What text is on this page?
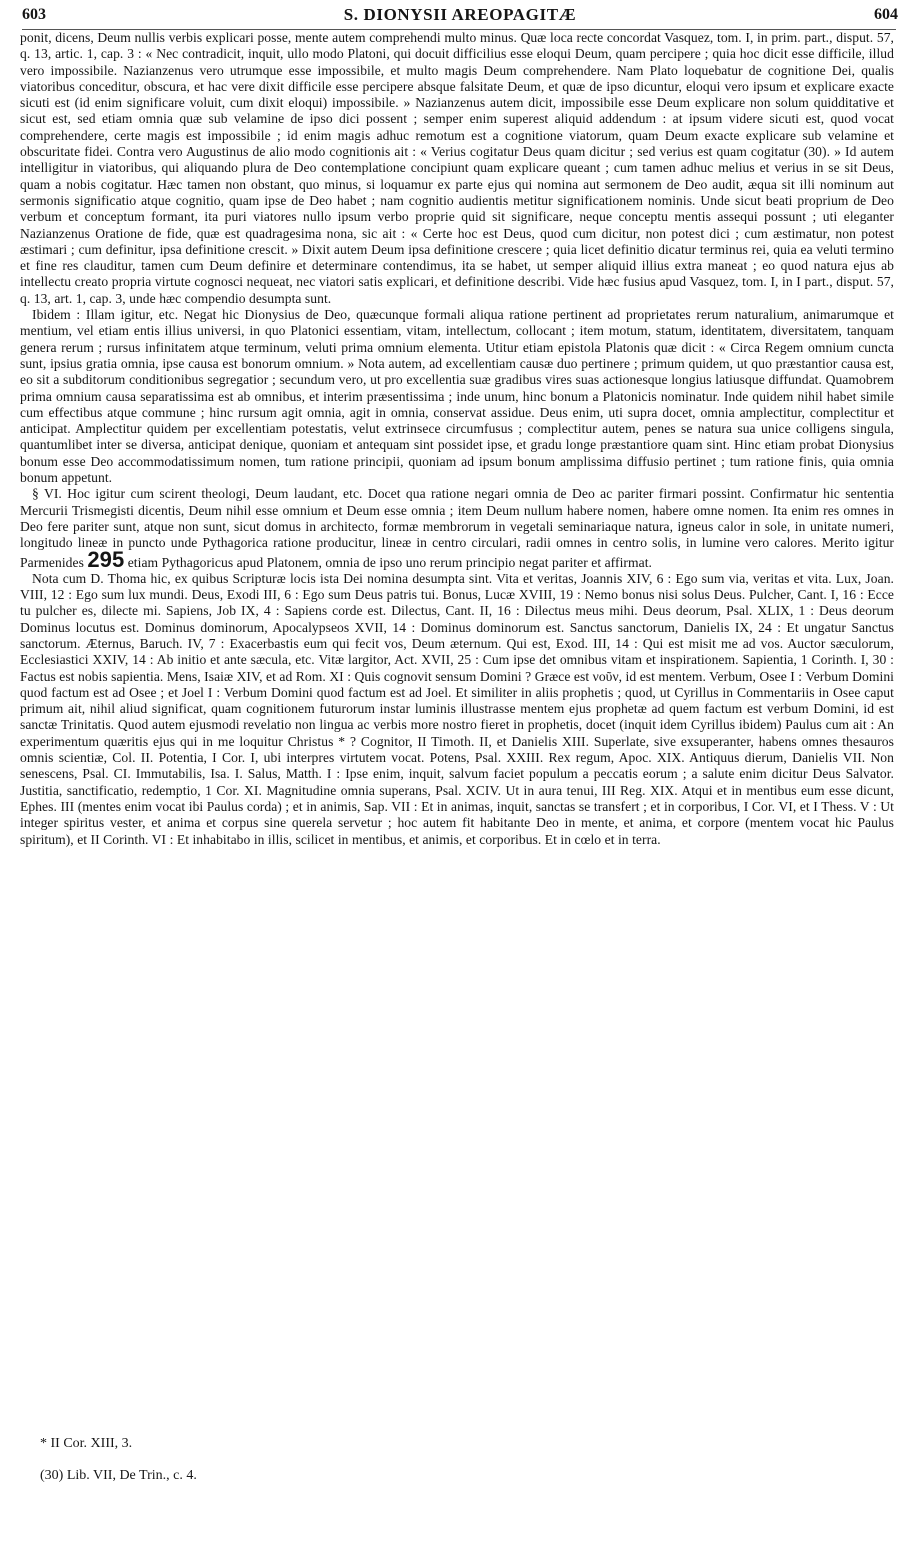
603	S. DIONYSII AREOPAGITÆ	604

ponit, dicens, Deum nullis verbis explicari posse, mente autem comprehendi multo minus. Quæ loca recte concordat Vasquez, tom. I, in prim. part., disput. 57, q. 13, artic. 1, cap. 3 : « Nec contradicit, inquit, ullo modo Platoni, qui docuit difficilius esse eloqui Deum, quam percipere ; quia hoc dicit esse difficile, illud vero impossibile. Nazianzenus vero utrumque esse impossibile, et multo magis Deum comprehendere. Nam Plato loquebatur de cognitione Dei, qualis viatoribus conceditur, obscura, et hac vere dixit difficile esse percipere absque falsitate Deum, et quæ de ipso dicuntur, eloqui vero ipsum et explicare exacte sicuti est (id enim significare voluit, cum dixit eloqui) impossibile. » Nazianzenus autem dicit, impossibile esse Deum explicare non solum quidditative et sicut est, sed etiam omnia quæ sub velamine de ipso dici possent ; semper enim superest aliquid addendum : at ipsum videre sicuti est, quod vocat comprehendere, certe magis est impossibile ; id enim magis adhuc remotum est a cognitione viatorum, quam Deum exacte explicare sub velamine et obscuritate fidei. Contra vero Augustinus de alio modo cognitionis ait : « Verius cogitatur Deus quam dicitur ; sed verius est quam cogitatur (30). » Id autem intelligitur in viatoribus, qui aliquando plura de Deo contemplatione concipiunt quam explicare queant ; cum tamen adhuc melius et verius in se sit Deus, quam a nobis cogitatur. Hæc tamen non obstant, quo minus, si loquamur ex parte ejus qui nomina aut sermonem de Deo audit, æqua sit illi nominum aut sermonis significatio atque cognitio, quam ipse de Deo habet ; nam cognitio audientis metitur significationem nominis. Unde sicut beati proprium de Deo verbum et conceptum formant, ita puri viatores nullo ipsum verbo proprie quid sit significare, neque conceptu mentis assequi possunt ; uti eleganter Nazianzenus Oratione de fide, quæ est quadragesima nona, sic ait : « Certe hoc est Deus, quod cum dicitur, non potest dici ; cum æstimatur, non potest æstimari ; cum definitur, ipsa definitione crescit. » Dixit autem Deum ipsa definitione crescere ; quia licet definitio dicatur terminus rei, quia ea veluti termino et fine res clauditur, tamen cum Deum definire et determinare contendimus, ita se habet, ut semper aliquid illius extra maneat ; eo quod natura ejus ab intellectu creato propria virtute cognosci nequeat, nec viatori satis explicari, et definitione describi. Vide hæc fusius apud Vasquez, tom. I, in I part., disput. 57, q. 13, art. 1, cap. 3, unde hæc compendio desumpta sunt.

Ibidem : Illam igitur, etc. Negat hic Dionysius de Deo, quæcunque formali aliqua ratione pertinent ad proprietates rerum naturalium, animarumque et mentium, vel etiam entis illius universi, in quo Platonici essentiam, vitam, intellectum, collocant ; item motum, statum, identitatem, diversitatem, tanquam genera rerum ; rursus infinitatem atque terminum, veluti prima omnium elementa. Utitur etiam epistola Platonis quæ dicit : « Circa Regem omnium cuncta sunt, ipsius gratia omnia, ipse causa est bonorum omnium. » Nota autem, ad excellentiam causæ duo pertinere ; primum quidem, ut quo præstantior causa est, eo sit a subditorum conditionibus segregatior ; secundum vero, ut pro excellentia suæ gradibus vires suas actionesque longius latiusque diffundat. Quamobrem prima omnium causa separatissima est ab omnibus, et interim præsentissima ; inde unum, hinc bonum a Platonicis nominatur. Inde quidem nihil habet simile cum effectibus atque commune ; hinc rursum agit omnia, agit in omnia, conservat assidue. Deus enim, uti supra docet, omnia amplectitur, complectitur et anticipat. Amplectitur quidem per excellentiam potestatis, velut extrinsece circumfusus ; complectitur autem, penes se natura sua unice colligens singula, quantumlibet inter se diversa, anticipat denique, quoniam et antequam sint possidet ipse, et gradu longe præstantiore quam sint. Hinc etiam probat Dionysius bonum esse Deo accommodatissimum nomen, tum ratione principii, quoniam ad ipsum bonum amplissima diffusio pertinet ; tum ratione finis, quia omnia bonum appetunt.

§ VI. Hoc igitur cum scirent theologi, Deum laudant, etc. Docet qua ratione negari omnia de Deo ac pariter firmari possint. Confirmatur hic sententia Mercurii Trismegisti dicentis, Deum nihil esse omnium et Deum esse omnia ; item Deum nullum habere nomen, habere omne nomen. Ita enim res omnes in Deo fere pariter sunt, atque non sunt, sicut domus in architecto, formæ membrorum in vegetali seminariaque natura, igneus calor in sole, in unitate numeri, longitudo lineæ in puncto unde Pythagorica ratione producitur, lineæ in centro circulari, radii omnes in centro solis, in lumine vero calores. Merito igitur Parmenides 295 etiam Pythagoricus apud Platonem, omnia de ipso uno rerum principio negat pariter et affirmat.

Nota cum D. Thoma hic, ex quibus Scripturæ locis ista Dei nomina desumpta sint. Vita et veritas, Joannis XIV, 6 : Ego sum via, veritas et vita. Lux, Joan. VIII, 12 : Ego sum lux mundi. Deus, Exodi III, 6 : Ego sum Deus patris tui. Bonus, Lucæ XVIII, 19 : Nemo bonus nisi solus Deus. Pulcher, Cant. I, 16 : Ecce tu pulcher es, dilecte mi. Sapiens, Job IX, 4 : Sapiens corde est. Dilectus, Cant. II, 16 : Dilectus meus mihi. Deus deorum, Psal. XLIX, 1 : Deus deorum Dominus locutus est. Dominus dominorum, Apocalypseos XVII, 14 : Dominus dominorum est. Sanctus sanctorum, Danielis IX, 24 : Et ungatur Sanctus sanctorum. Æternus, Baruch. IV, 7 : Exacerbastis eum qui fecit vos, Deum æternum. Qui est, Exod. III, 14 : Qui est misit me ad vos. Auctor sæculorum, Ecclesiastici XXIV, 14 : Ab initio et ante sæcula, etc. Vitæ largitor, Act. XVII, 25 : Cum ipse det omnibus vitam et inspirationem. Sapientia, 1 Corinth. I, 30 : Factus est nobis sapientia. Mens, Isaiæ XIV, et ad Rom. XI : Quis cognovit sensum Domini ? Græce est νοῦν, id est mentem. Verbum, Osee I : Verbum Domini quod factum est ad Osee ; et Joel I : Verbum Domini quod factum est ad Joel. Et similiter in aliis prophetis ; quod, ut Cyrillus in Commentariis in Osee caput primum ait, nihil aliud significat, quam cognitionem futurorum instar luminis illustrasse mentem ejus prophetæ ad quem factum est verbum Domini, id est sanctæ Trinitatis. Quod autem ejusmodi revelatio non lingua ac verbis more nostro fieret in prophetis, docet (inquit idem Cyrillus ibidem) Paulus cum ait : An experimentum quæritis ejus qui in me loquitur Christus * ? Cognitor, II Timoth. II, et Danielis XIII. Superlate, sive exsuperanter, habens omnes thesauros omnis scientiæ, Col. II. Potentia, I Cor. I, ubi interpres virtutem vocat. Potens, Psal. XXIII. Rex regum, Apoc. XIX. Antiquus dierum, Danielis VII. Non senescens, Psal. CI. Immutabilis, Isa. I. Salus, Matth. I : Ipse enim, inquit, salvum faciet populum a peccatis eorum ; a salute enim dicitur Deus Salvator. Justitia, sanctificatio, redemptio, 1 Cor. XI. Magnitudine omnia superans, Psal. XCIV. Ut in aura tenui, III Reg. XIX. Atqui et in mentibus eum esse dicunt, Ephes. III (mentes enim vocat ibi Paulus corda) ; et in animis, Sap. VII : Et in animas, inquit, sanctas se transfert ; et in corporibus, I Cor. VI, et I Thess. V : Ut integer spiritus vester, et anima et corpus sine querela servetur ; hoc autem fit habitante Deo in mente, et anima, et corpore (mentem vocat hic Paulus spiritum), et II Corinth. VI : Et inhabitabo in illis, scilicet in mentibus, et animis, et corporibus. Et in cœlo et in terra.

* II Cor. XIII, 3.

(30) Lib. VII, De Trin., c. 4.
